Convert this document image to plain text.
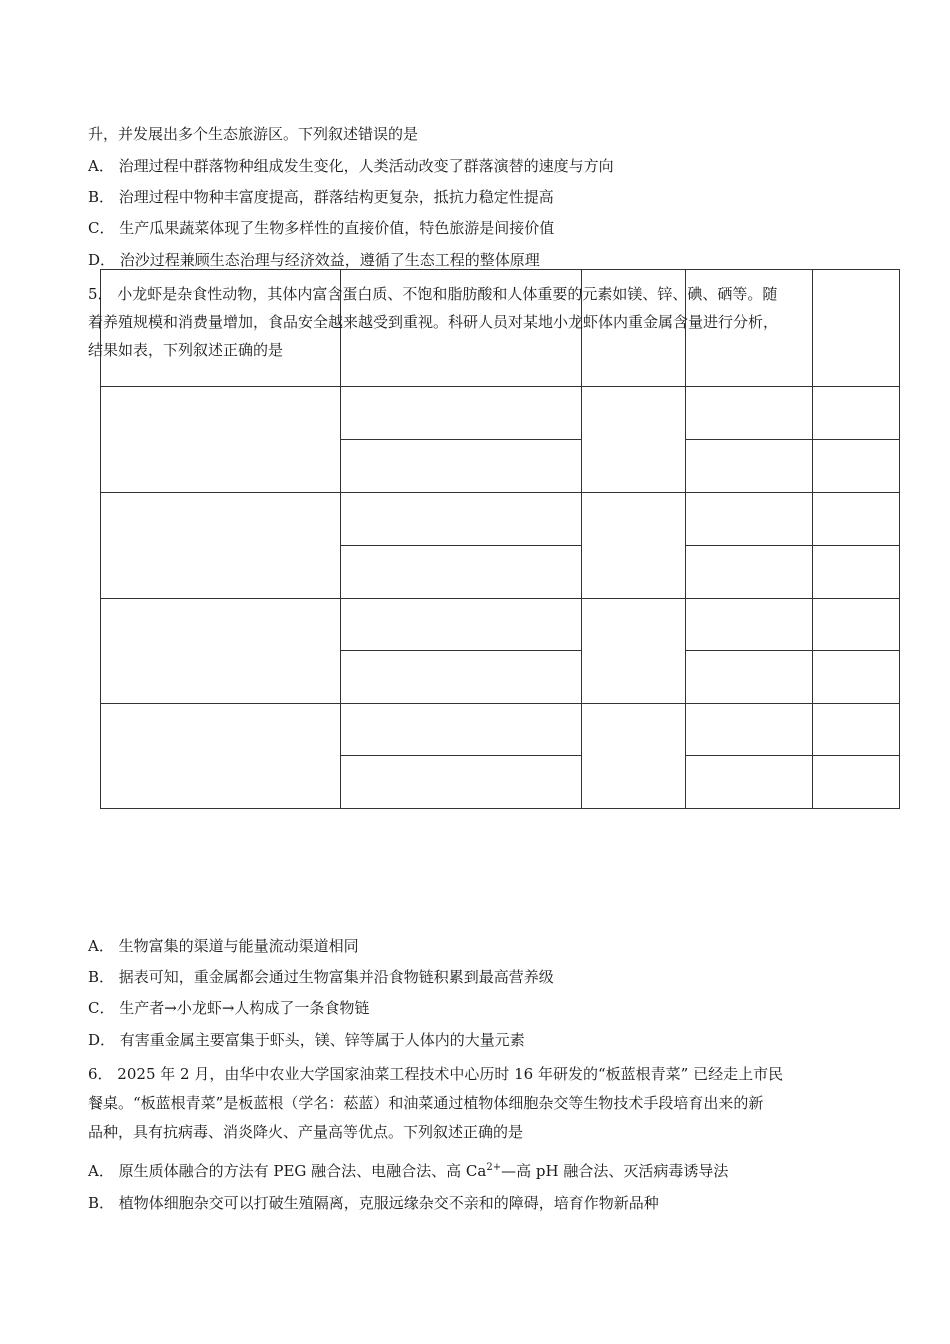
升，并发展出多个生态旅游区。下列叙述错误的是
A． 治理过程中群落物种组成发生变化，人类活动改变了群落演替的速度与方向
B． 治理过程中物种丰富度提高，群落结构更复杂，抵抗力稳定性提高
C． 生产瓜果蔬菜体现了生物多样性的直接价值，特色旅游是间接价值
D． 治沙过程兼顾生态治理与经济效益，遵循了生态工程的整体原理

5． 小龙虾是杂食性动物，其体内富含蛋白质、不饱和脂肪酸和人体重要的元素如镁、锌、碘、硒等。随
着养殖规模和消费量增加，食品安全越来越受到重视。科研人员对某地小龙虾体内重金属含量进行分析，
结果如表，下列叙述正确的是
A． 生物富集的渠道与能量流动渠道相同
B． 据表可知，重金属都会通过生物富集并沿食物链积累到最高营养级
C． 生产者→小龙虾→人构成了一条食物链
D． 有害重金属主要富集于虾头，镁、锌等属于人体内的大量元素
6． 2025 年 2 月，由华中农业大学国家油菜工程技术中心历时 16 年研发的“板蓝根青菜” 已经走上市民
餐桌。“板蓝根青菜”是板蓝根（学名：菘蓝）和油菜通过植物体细胞杂交等生物技术手段培育出来的新
品种，具有抗病毒、消炎降火、产量高等优点。下列叙述正确的是
A． 原生质体融合的方法有 PEG 融合法、电融合法、高 $Ca^{2+}—$高 pH 融合法、灭活病毒诱导法
B． 植物体细胞杂交可以打破生殖隔离，克服远缘杂交不亲和的障碍，培育作物新品种
